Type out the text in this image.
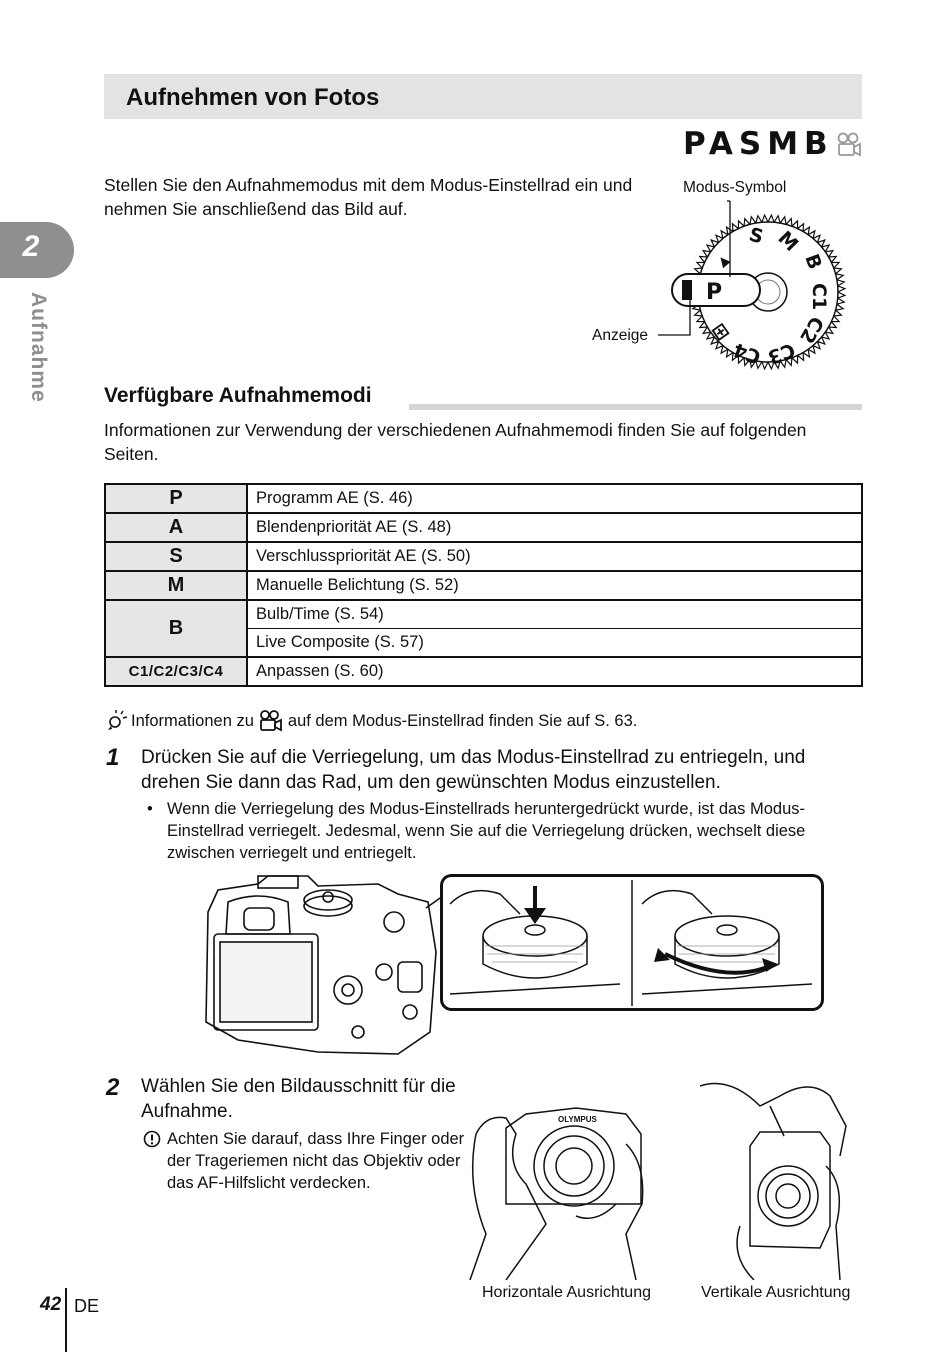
Aufnehmen von Fotos
PASMB
Stellen Sie den Aufnahmemodus mit dem Modus-Einstellrad ein und nehmen Sie anschließend das Bild auf.
2
Aufnahme
Modus-Symbol
Anzeige
S M
B
C1
C2
C3
C4
⊞
▲
P
Verfügbare Aufnahmemodi
Informationen zur Verwendung der verschiedenen Aufnahmemodi finden Sie auf folgenden Seiten.
P	Programm AE (S. 46)
A	Blendenpriorität AE (S. 48)
S	Verschlusspriorität AE (S. 50)
M	Manuelle Belichtung (S. 52)
B	Bulb/Time (S. 54)
	Live Composite (S. 57)
C1/C2/C3/C4	Anpassen (S. 60)
Informationen zu auf dem Modus-Einstellrad finden Sie auf S. 63.
1 Drücken Sie auf die Verriegelung, um das Modus-Einstellrad zu entriegeln, und drehen Sie dann das Rad, um den gewünschten Modus einzustellen.
• Wenn die Verriegelung des Modus-Einstellrads heruntergedrückt wurde, ist das Modus-Einstellrad verriegelt. Jedesmal, wenn Sie auf die Verriegelung drücken, wechselt diese zwischen verriegelt und entriegelt.
2 Wählen Sie den Bildausschnitt für die Aufnahme.
Achten Sie darauf, dass Ihre Finger oder der Trageriemen nicht das Objektiv oder das AF-Hilfslicht verdecken.
OLYMPUS
Horizontale Ausrichtung	Vertikale Ausrichtung
42 DE
